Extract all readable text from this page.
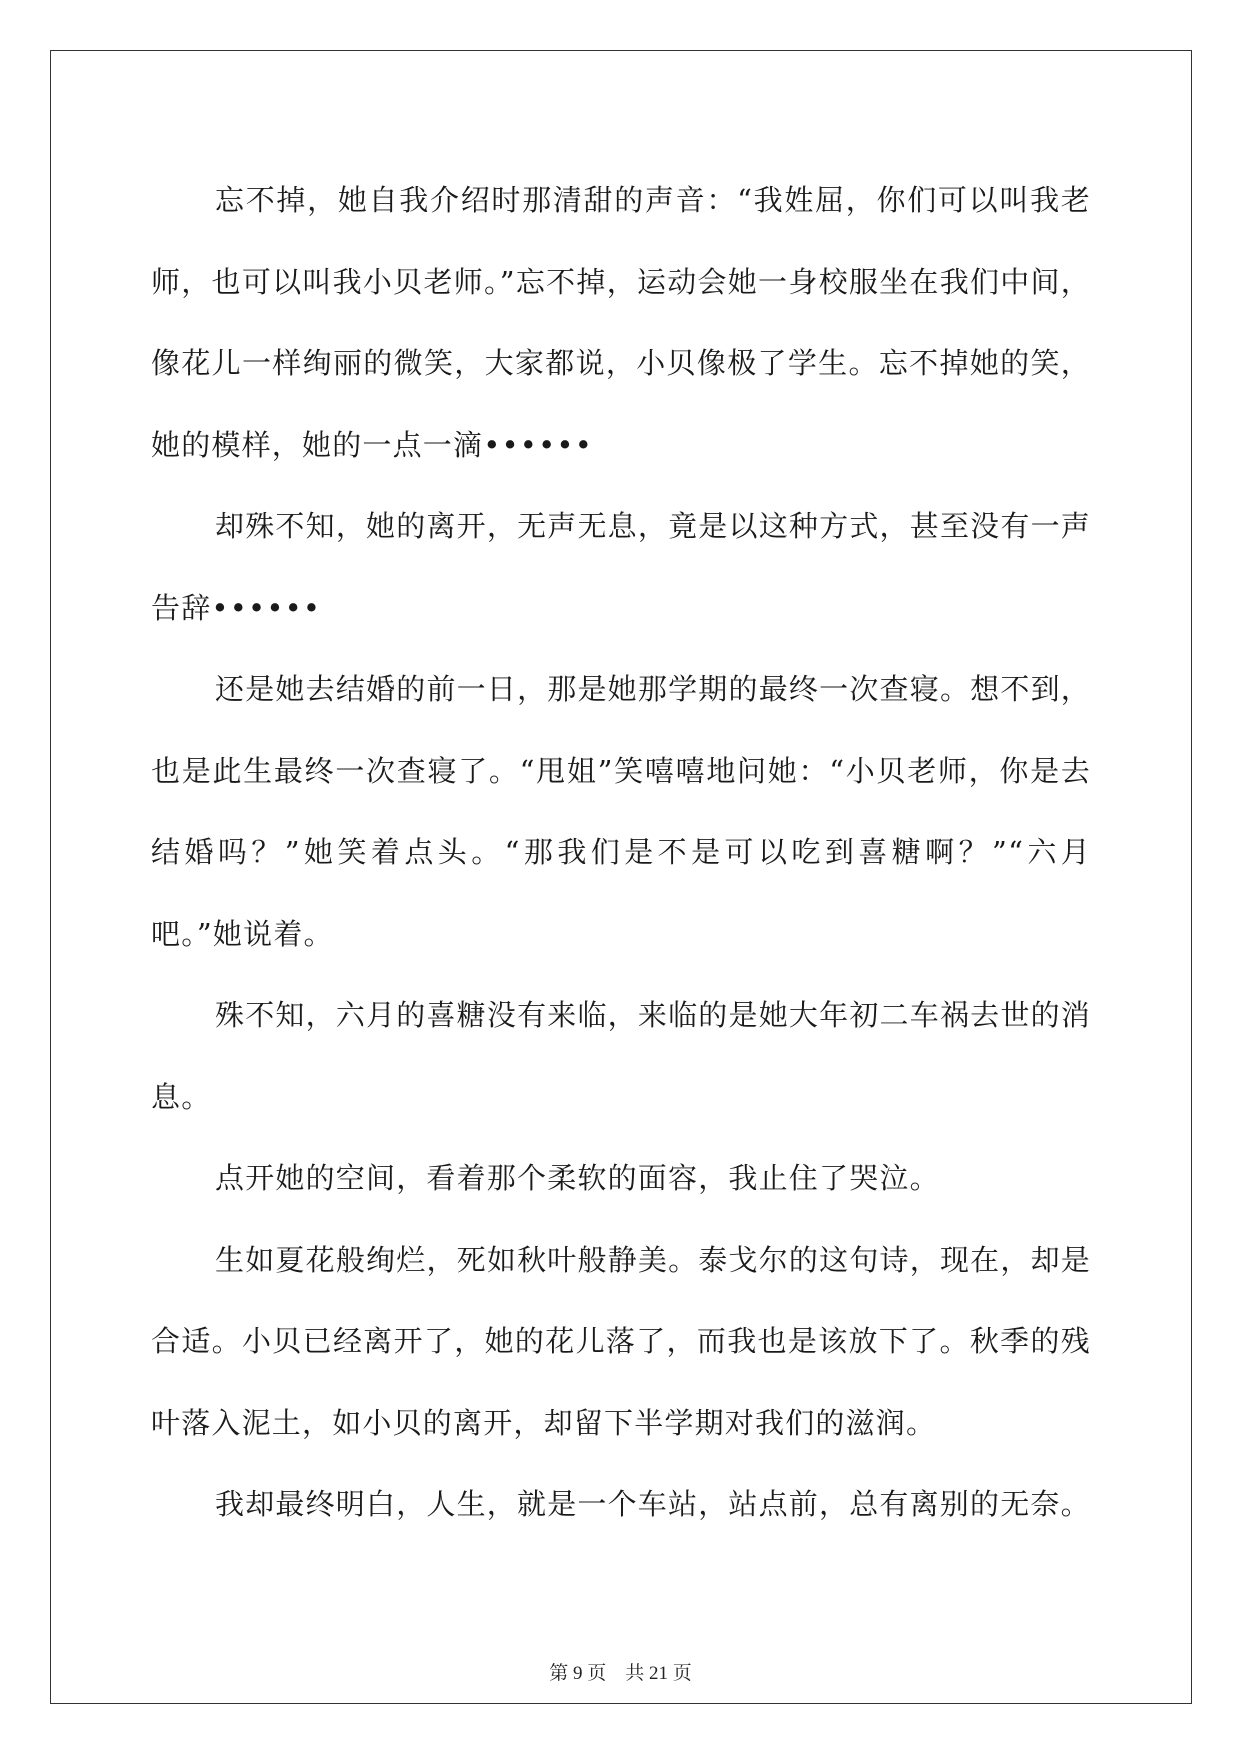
忘不掉，她自我介绍时那清甜的声音：“我姓屈，你们可以叫我老师，也可以叫我小贝老师。”忘不掉，运动会她一身校服坐在我们中间，像花儿一样绚丽的微笑，大家都说，小贝像极了学生。忘不掉她的笑，她的模样，她的一点一滴••••••

却殊不知，她的离开，无声无息，竟是以这种方式，甚至没有一声告辞••••••

还是她去结婚的前一日，那是她那学期的最终一次查寝。想不到，也是此生最终一次查寝了。“甩姐”笑嘻嘻地问她：“小贝老师，你是去结婚吗？”她笑着点头。“那我们是不是可以吃到喜糖啊？”“六月吧。”她说着。

殊不知，六月的喜糖没有来临，来临的是她大年初二车祸去世的消息。

点开她的空间，看着那个柔软的面容，我止住了哭泣。

生如夏花般绚烂，死如秋叶般静美。泰戈尔的这句诗，现在，却是合适。小贝已经离开了，她的花儿落了，而我也是该放下了。秋季的残叶落入泥土，如小贝的离开，却留下半学期对我们的滋润。

我却最终明白，人生，就是一个车站，站点前，总有离别的无奈。

第 9 页 共 21 页
